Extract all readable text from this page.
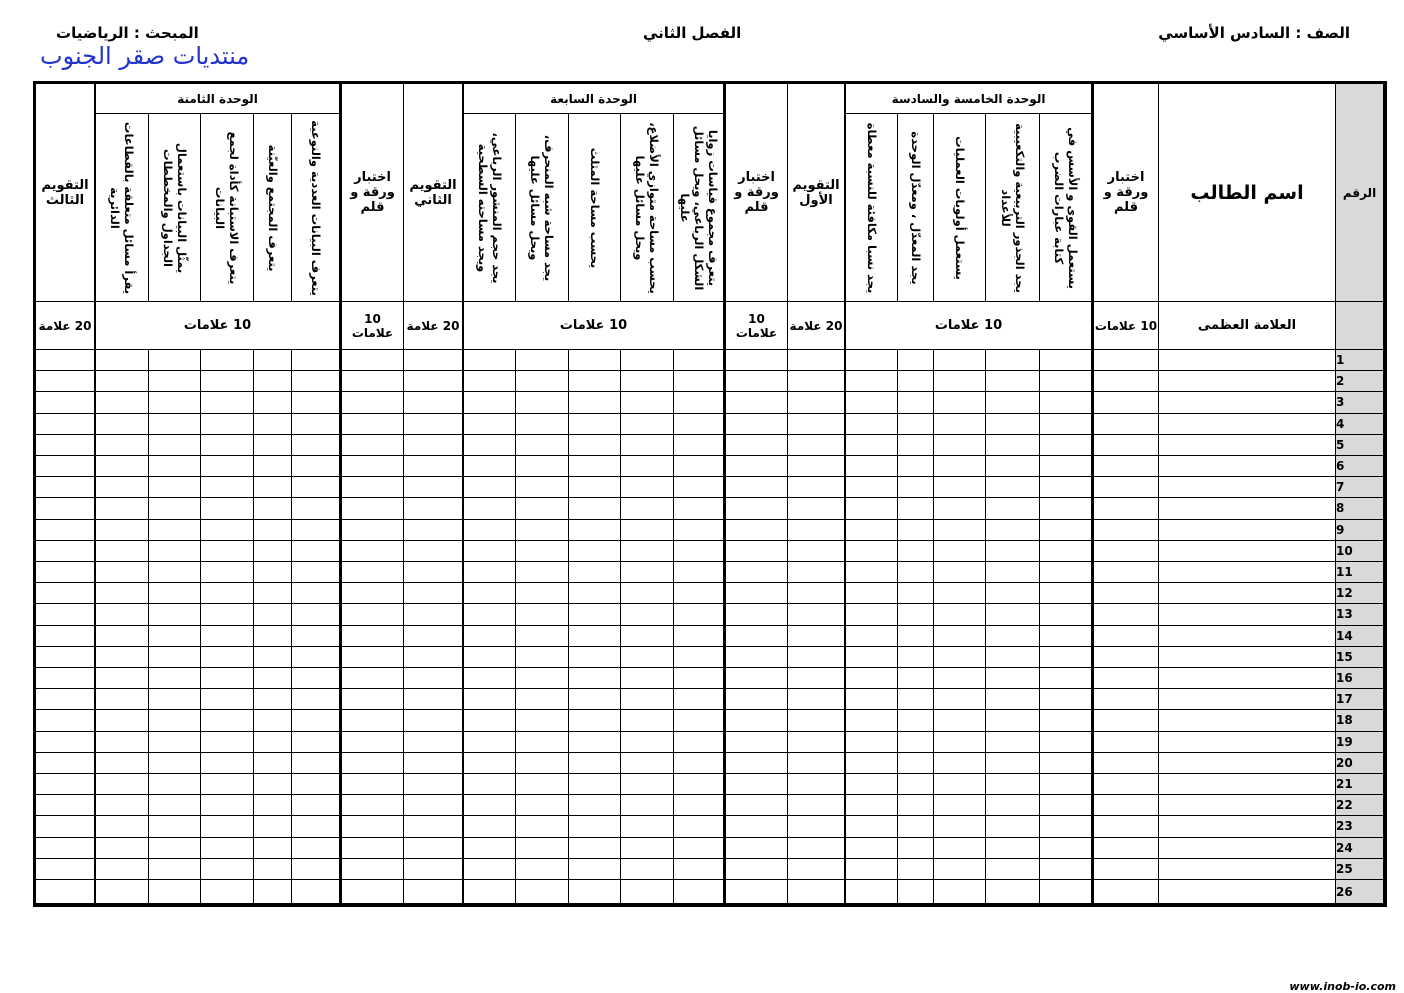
الصف : السادس الأساسي
الفصل الثاني
المبحث : الرياضيات
منتديات صقر الجنوب
الرقم
اسم الطالب
اختبار ورقة و قلم
التقويم الأول
اختبار ورقة و قلم
التقويم الثاني
اختبار ورقة و قلم
التقويم الثالث
الوحدة الخامسة والسادسة
الوحدة السابعة
الوحدة الثامنة
يستعمل القوى و الأسس في كتابة عبارات الضرب
يجد الجذور التربيعية والتكعيبية للأعداد
يستعمل أولويات العمليات
يجد المعدّل ، ومعدّل الوحدة
يجد نسبا مكافئة للنسبة معطاة
يتعرف مجموع قياسات زوايا الشكل الرباعي، ويحل مسائل عليها
يحسب مساحة متوازي الأضلاع، ويحل مسائل عليها
يحسب مساحة المثلث
يجد مساحة شبه المنحرف، ويحل مسائل عليها
يجد حجم المنشور الرباعي، ويجد مساحته السطحية
يتعرف البيانات العددية والنوعية
يتعرف المجتمع والعيّنة
يتعرف الاستبانة كأداة لجمع البيانات
يمثّل البيانات باستعمال الجداول والمخططات
يقرأ مسائل متعلقة بالقطاعات الدائرية
العلامة العظمى
10 علامات
10 علامات
20 علامة
10 علامات
10 علامات
20 علامة
10 علامات
10 علامات
20 علامة
1
2
3
4
5
6
7
8
9
10
11
12
13
14
15
16
17
18
19
20
21
22
23
24
25
26
www.inob-io.com
